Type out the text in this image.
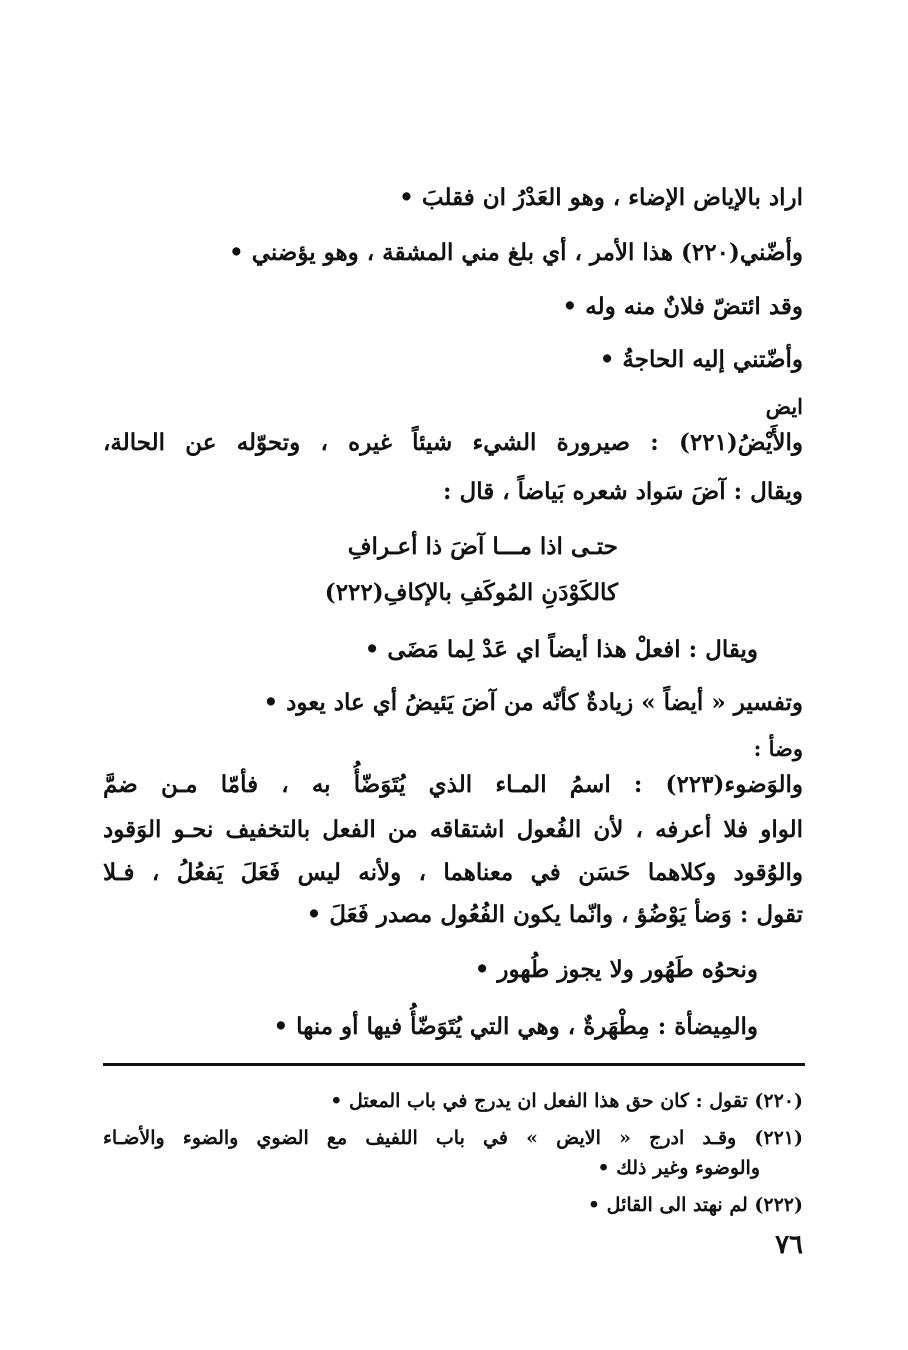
اراد بالإياض الإضاء ، وهو العَدْرُ ان فقلبَ •
وأضّني(٢٢٠) هذا الأمر ، أي بلغ مني المشقة ، وهو يؤضني •
وقد ائتضّ فلانٌ منه وله •
وأضّتني إليه الحاجةُ •
ايض
والأَيْضُ(٢٢١) : صيرورة الشيء شيئاً غيره ، وتحوّله عن الحالة،
ويقال : آضَ سَواد شعره بَياضاً ، قال :
حتـى اذا مـــا آضَ ذا أعـرافِ
كالكَوْدَنِ المُوكَفِ بالإكافِ(٢٢٢)
ويقال : افعلْ هذا أيضاً اي عَدْ لِما مَضَى •
وتفسير « أيضاً » زيادةٌ كأنّه من آضَ يَئيضُ أي عاد يعود •
وضأ :
والوَضوء(٢٢٣) : اسمُ المـاء الذي يُتَوَضّأُ به ، فأمّا مـن ضمَّ
الواو فلا أعرفه ، لأن الفُعول اشتقاقه من الفعل بالتخفيف نحـو الوَقود
والوُقود وكلاهما حَسَن في معناهما ، ولأنه ليس فَعَلَ يَفعُلُ ، فـلا
تقول : وَضأ يَوْضُؤ ، وانّما يكون الفُعُول مصدر فَعَلَ •
ونحوُه طَهُور ولا يجوز طُهور •
والمِيضأة : مِطْهَرةٌ ، وهي التي يُتَوَضّأُ فيها أو منها •
(٢٢٠) تقول : كان حق هذا الفعل ان يدرج في باب المعتل •
(٢٢١) وقـد ادرج « الايض » في باب اللفيف مع الضوي والضوء والأضـاء
والوضوء وغير ذلك •
(٢٢٢) لم نهتد الى القائل •
٧٦
